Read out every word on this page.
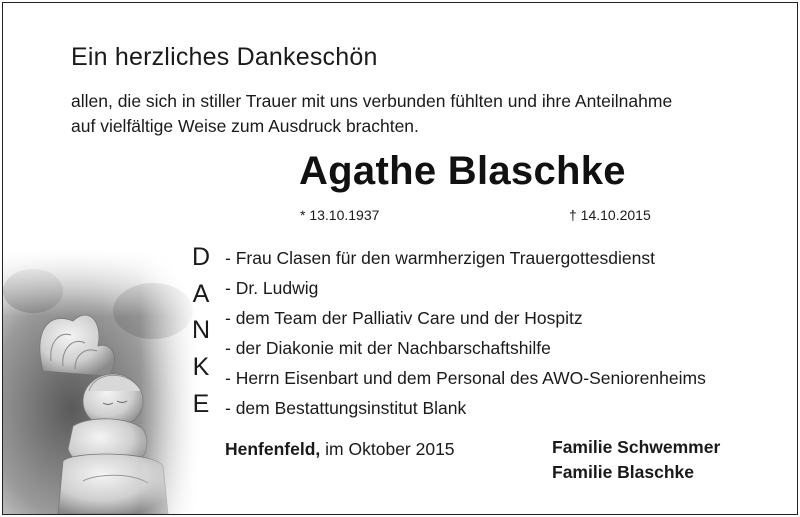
Ein herzliches Dankeschön
allen, die sich in stiller Trauer mit uns verbunden fühlten und ihre Anteilnahme
auf vielfältige Weise zum Ausdruck brachten.
Agathe Blaschke
* 13.10.1937	† 14.10.2015
D
A
N
K
E
- Frau Clasen für den warmherzigen Trauergottesdienst
- Dr. Ludwig
- dem Team der Palliativ Care und der Hospitz
- der Diakonie mit der Nachbarschaftshilfe
- Herrn Eisenbart und dem Personal des AWO-Seniorenheims
- dem Bestattungsinstitut Blank
Henfenfeld, im Oktober 2015	Familie Schwemmer
Familie Blaschke
